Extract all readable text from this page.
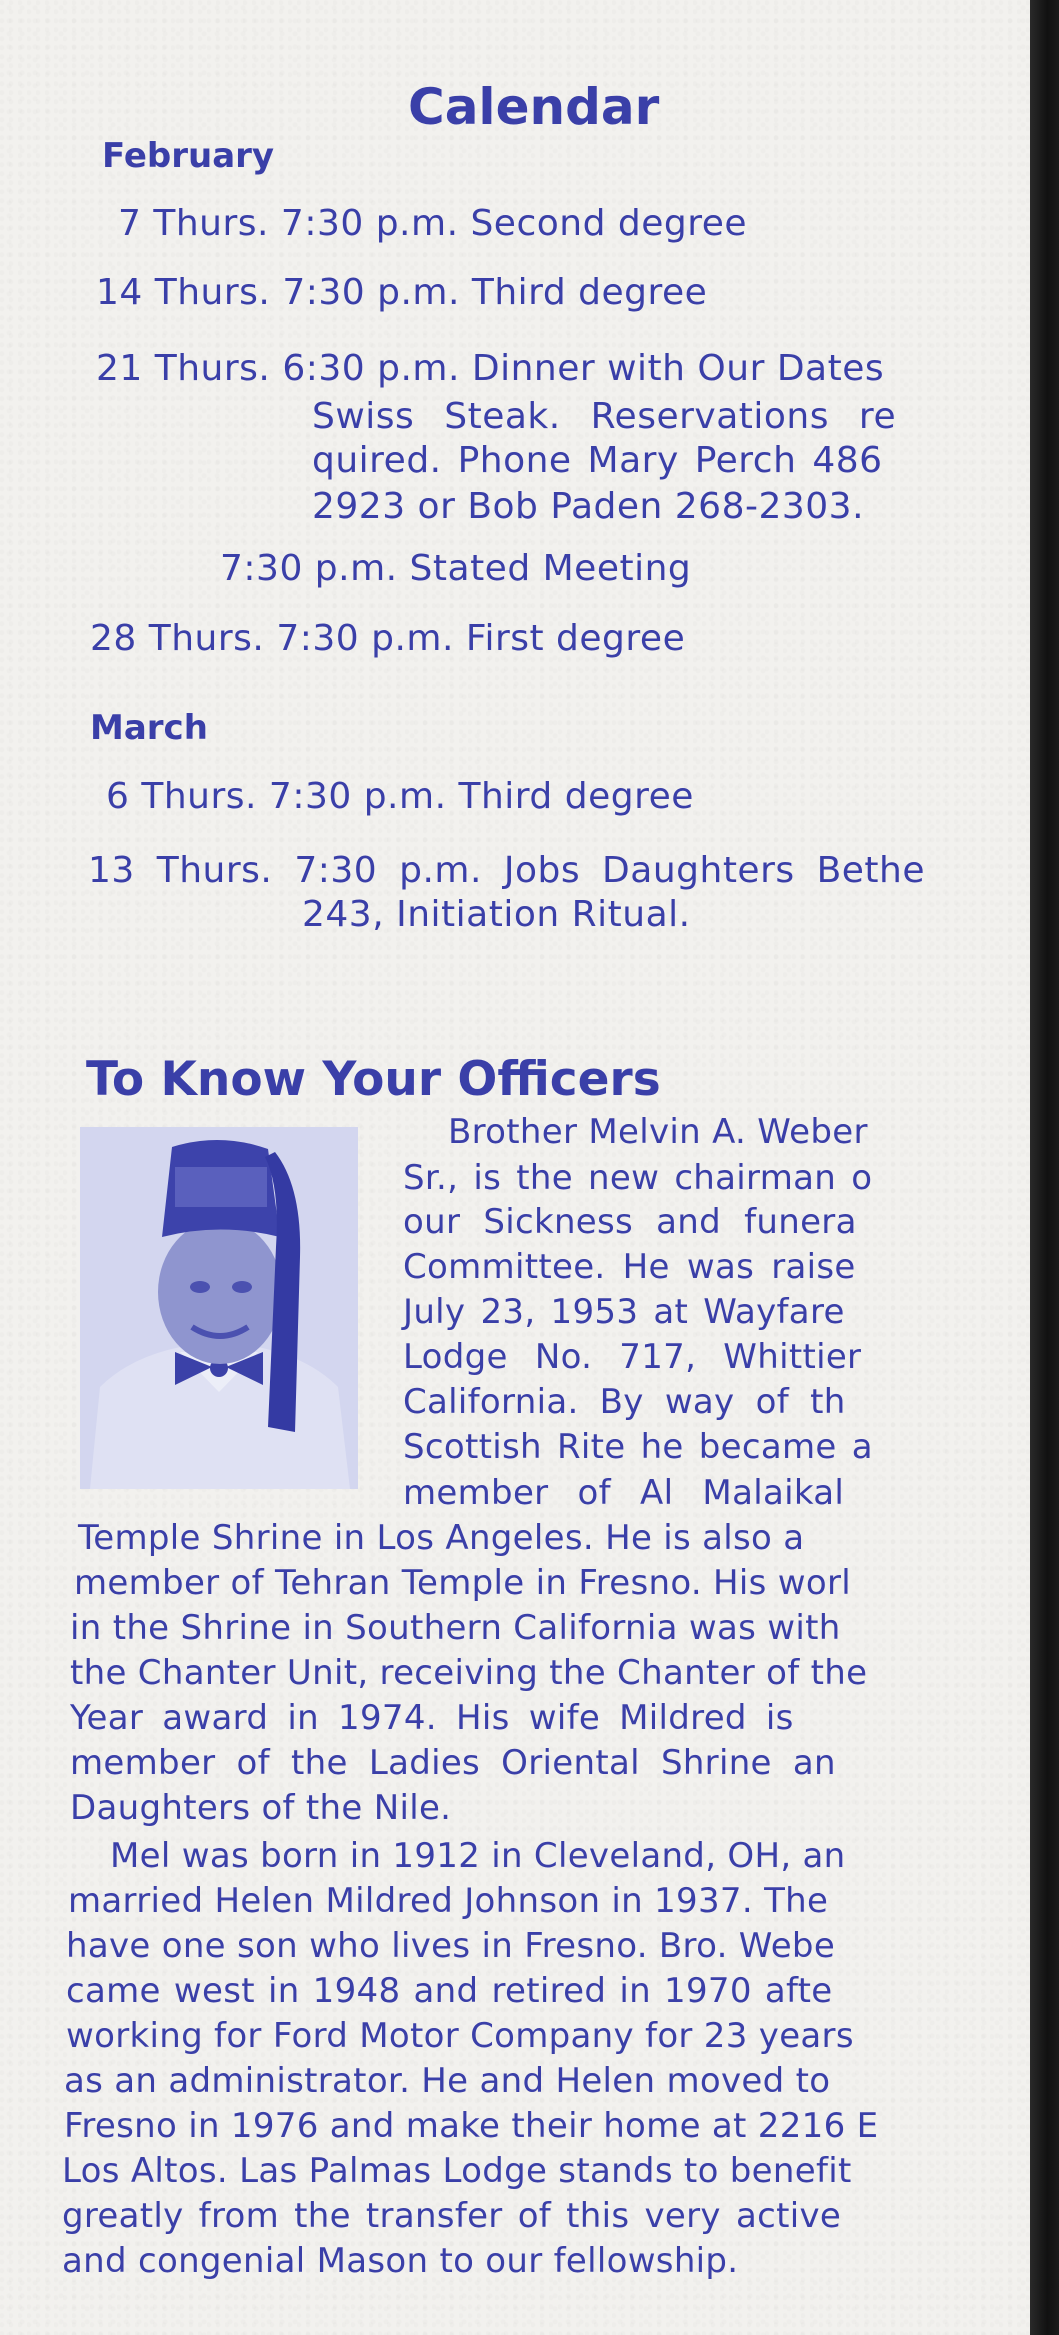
Calendar
February
7 Thurs. 7:30 p.m. Second degree
14 Thurs. 7:30 p.m. Third degree
21 Thurs. 6:30 p.m. Dinner with Our Dates
Swiss Steak. Reservations re
quired. Phone Mary Perch 486
2923 or Bob Paden 268-2303.
7:30 p.m. Stated Meeting
28 Thurs. 7:30 p.m. First degree
March
6 Thurs. 7:30 p.m. Third degree
13 Thurs. 7:30 p.m. Jobs Daughters Bethe
243, Initiation Ritual.
To Know Your Officers
Brother Melvin A. Weber
Sr., is the new chairman o
our Sickness and funera
Committee. He was raise
July 23, 1953 at Wayfare
Lodge No. 717, Whittier
California. By way of th
Scottish Rite he became a
member of Al Malaikal
Temple Shrine in Los Angeles. He is also a
member of Tehran Temple in Fresno. His worl
in the Shrine in Southern California was with
the Chanter Unit, receiving the Chanter of the
Year award in 1974. His wife Mildred is
member of the Ladies Oriental Shrine an
Daughters of the Nile.
Mel was born in 1912 in Cleveland, OH, an
married Helen Mildred Johnson in 1937. The
have one son who lives in Fresno. Bro. Webe
came west in 1948 and retired in 1970 afte
working for Ford Motor Company for 23 years
as an administrator. He and Helen moved to
Fresno in 1976 and make their home at 2216 E
Los Altos. Las Palmas Lodge stands to benefit
greatly from the transfer of this very active
and congenial Mason to our fellowship.
